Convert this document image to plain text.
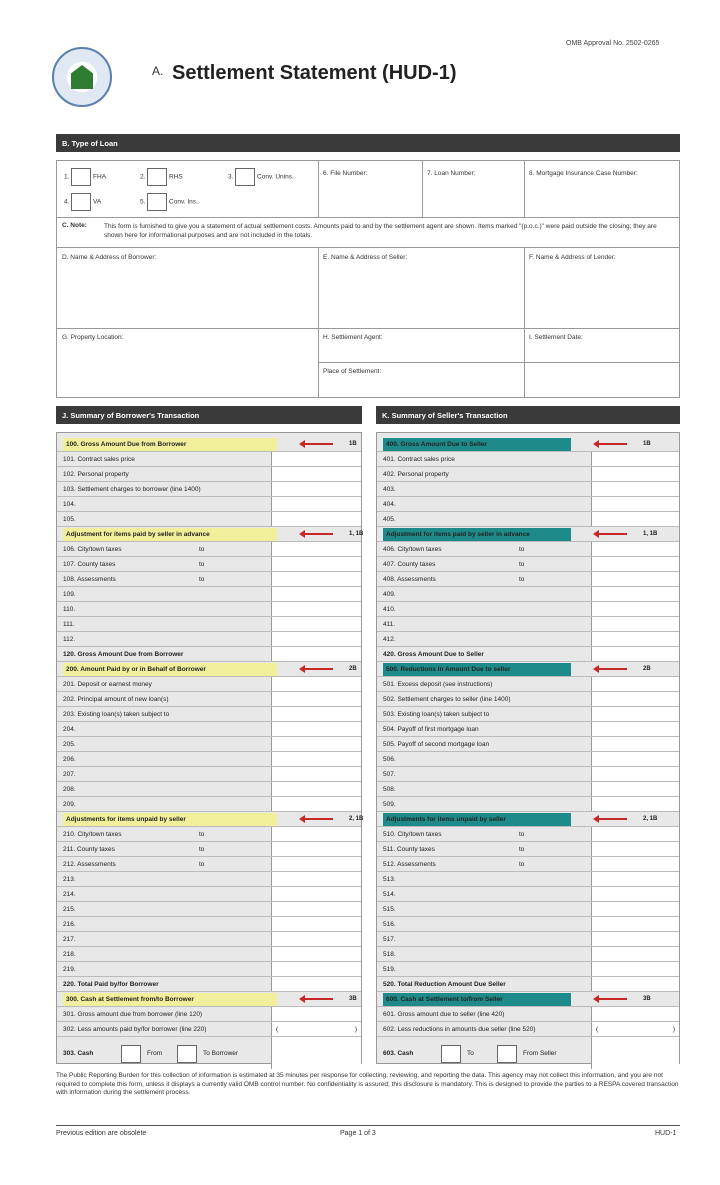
OMB Approval No. 2502-0265
A. Settlement Statement (HUD-1)
B. Type of Loan
1.	FHA	2.	RHS	3.	Conv. Unins.
4.	VA	5.	Conv. Ins.
6. File Number:	7. Loan Number:	8. Mortgage Insurance Case Number:
C. Note:	This form is furnished to give you a statement of actual settlement costs. Amounts paid to and by the settlement agent are shown. Items marked "(p.o.c.)" were paid outside the closing; they are shown here for informational purposes and are not included in the totals.
D. Name & Address of Borrower:	E. Name & Address of Seller:	F. Name & Address of Lender:
G. Property Location:	H. Settlement Agent:	I. Settlement Date:
Place of Settlement:
J. Summary of Borrower's Transaction	K. Summary of Seller's Transaction
100. Gross Amount Due from Borrower	1B
101. Contract sales price
102. Personal property
103. Settlement charges to borrower (line 1400)
104.
105.
Adjustment for items paid by seller in advance	1, 1B
106. City/town taxes	to
107. County taxes	to
108. Assessments	to
109.
110.
111.
112.
120. Gross Amount Due from Borrower
200. Amount Paid by or in Behalf of Borrower	2B
201. Deposit or earnest money
202. Principal amount of new loan(s)
203. Existing loan(s) taken subject to
204.
205.
206.
207.
208.
209.
Adjustments for items unpaid by seller	2, 1B
210. City/town taxes	to
211. County taxes	to
212. Assessments	to
213.
214.
215.
216.
217.
218.
219.
220. Total Paid by/for Borrower
300. Cash at Settlement from/to Borrower	3B
301. Gross amount due from borrower (line 120)
302. Less amounts paid by/for borrower (line 220)	(	)
303. Cash	From	To Borrower
400. Gross Amount Due to Seller	1B
401. Contract sales price
402. Personal property
403.
404.
405.
Adjustment for items paid by seller in advance	1, 1B
406. City/town taxes	to
407. County taxes	to
408. Assessments	to
409.
410.
411.
412.
420. Gross Amount Due to Seller
500. Reductions In Amount Due to seller	2B
501. Excess deposit (see instructions)
502. Settlement charges to seller (line 1400)
503. Existing loan(s) taken subject to
504. Payoff of first mortgage loan
505. Payoff of second mortgage loan
506.
507.
508.
509.
Adjustments for items unpaid by seller	2, 1B
510. City/town taxes	to
511. County taxes	to
512. Assessments	to
513.
514.
515.
516.
517.
518.
519.
520. Total Reduction Amount Due Seller
600. Cash at Settlement to/from Seller	3B
601. Gross amount due to seller (line 420)
602. Less reductions in amounts due seller (line 520)	(	)
603. Cash	To	From Seller
The Public Reporting Burden for this collection of information is estimated at 35 minutes per response for collecting, reviewing, and reporting the data. This agency may not collect this information, and you are not required to complete this form, unless it displays a currently valid OMB control number. No confidentiality is assured; this disclosure is mandatory. This is designed to provide the parties to a RESPA covered transaction with information during the settlement process.
Previous edition are obsolete	Page 1 of 3	HUD-1
